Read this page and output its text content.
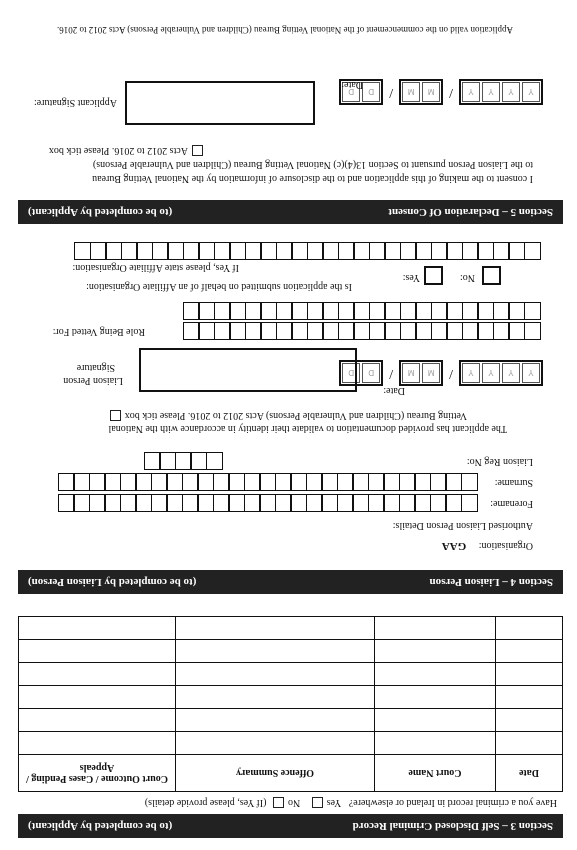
Section 3 – Self Disclosed Criminal Record
(to be completed by Applicant)
Have you a criminal record in Ireland or elsewhere?   Yes   No (If Yes, please provide details)
Date	Court Name	Offence Summary	Court Outcome / Cases Pending / Appeals

Section 4 – Liaison Person
(to be completed by Liaison Person)
Organisation:     GAA
Authorised Liaison Person Details:
Forename:
Surname:
Liaison Reg No:
The applicant has provided documentation to validate their identity in accordance with the National
Vetting Bureau (Children and Vulnerable Persons) Acts 2012 to 2016. Please tick box
Y
Y
Y
Y
/
M
M
/
D
D
Date:
Liaison Person
Signature
Role Being Vetted For:
No:
Yes:
Is the application submitted on behalf of an Affiliate Organisation:
If Yes, please state Affiliate Organisation:
Section 5 – Declaration Of Consent
(to be completed by Applicant)
I consent to the making of this application and to the disclosure of information by the National Vetting Bureau
to the Liaison Person pursuant to Section 13(4)(c) National Vetting Bureau (Children and Vulnerable Persons)
Acts 2012 to 2016. Please tick box
Y
Y
Y
Y
/
M
M
/
D
D
Date:
Applicant Signature:
Application valid on the commencement of the National Vetting Bureau (Children and Vulnerable Persons) Acts 2012 to 2016.
